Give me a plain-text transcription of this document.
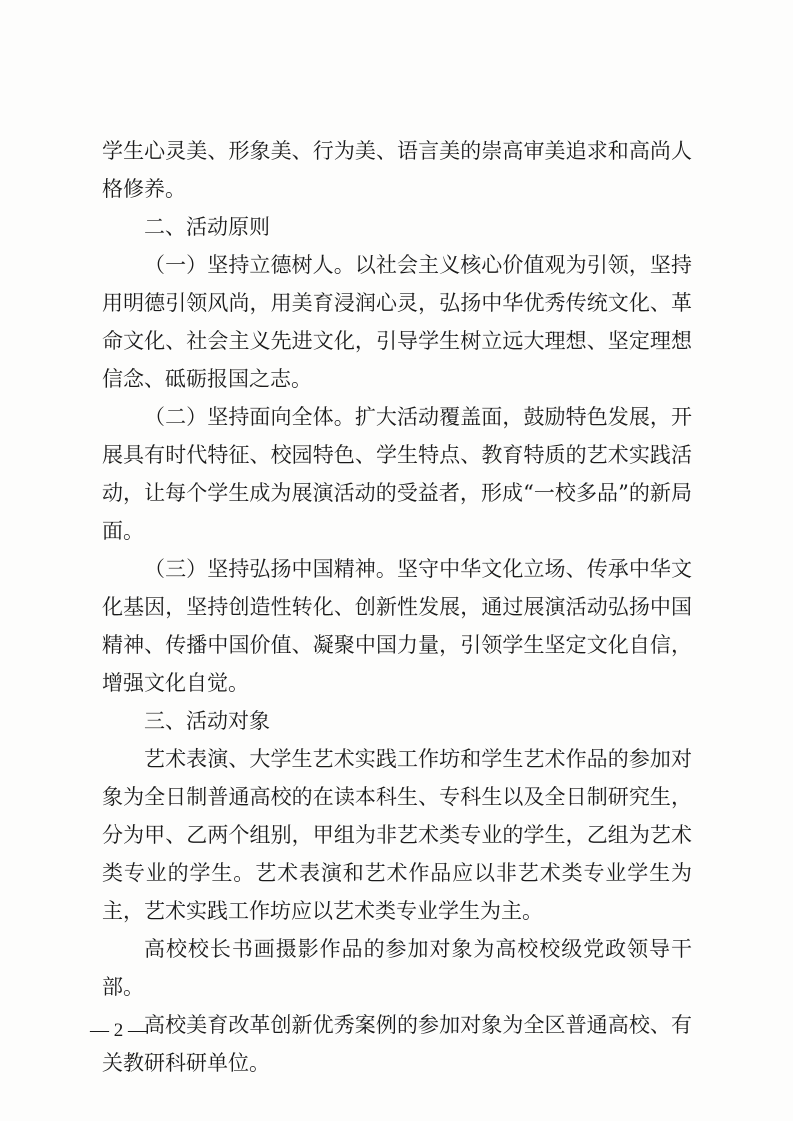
学生心灵美、形象美、行为美、语言美的崇高审美追求和高尚人格修养。

二、活动原则

（一）坚持立德树人。以社会主义核心价值观为引领，坚持用明德引领风尚，用美育浸润心灵，弘扬中华优秀传统文化、革命文化、社会主义先进文化，引导学生树立远大理想、坚定理想信念、砥砺报国之志。

（二）坚持面向全体。扩大活动覆盖面，鼓励特色发展，开展具有时代特征、校园特色、学生特点、教育特质的艺术实践活动，让每个学生成为展演活动的受益者，形成“一校多品”的新局面。

（三）坚持弘扬中国精神。坚守中华文化立场、传承中华文化基因，坚持创造性转化、创新性发展，通过展演活动弘扬中国精神、传播中国价值、凝聚中国力量，引领学生坚定文化自信，增强文化自觉。

三、活动对象

艺术表演、大学生艺术实践工作坊和学生艺术作品的参加对象为全日制普通高校的在读本科生、专科生以及全日制研究生，分为甲、乙两个组别，甲组为非艺术类专业的学生，乙组为艺术类专业的学生。艺术表演和艺术作品应以非艺术类专业学生为主，艺术实践工作坊应以艺术类专业学生为主。

高校校长书画摄影作品的参加对象为高校校级党政领导干部。

高校美育改革创新优秀案例的参加对象为全区普通高校、有关教研科研单位。

— 2 —
